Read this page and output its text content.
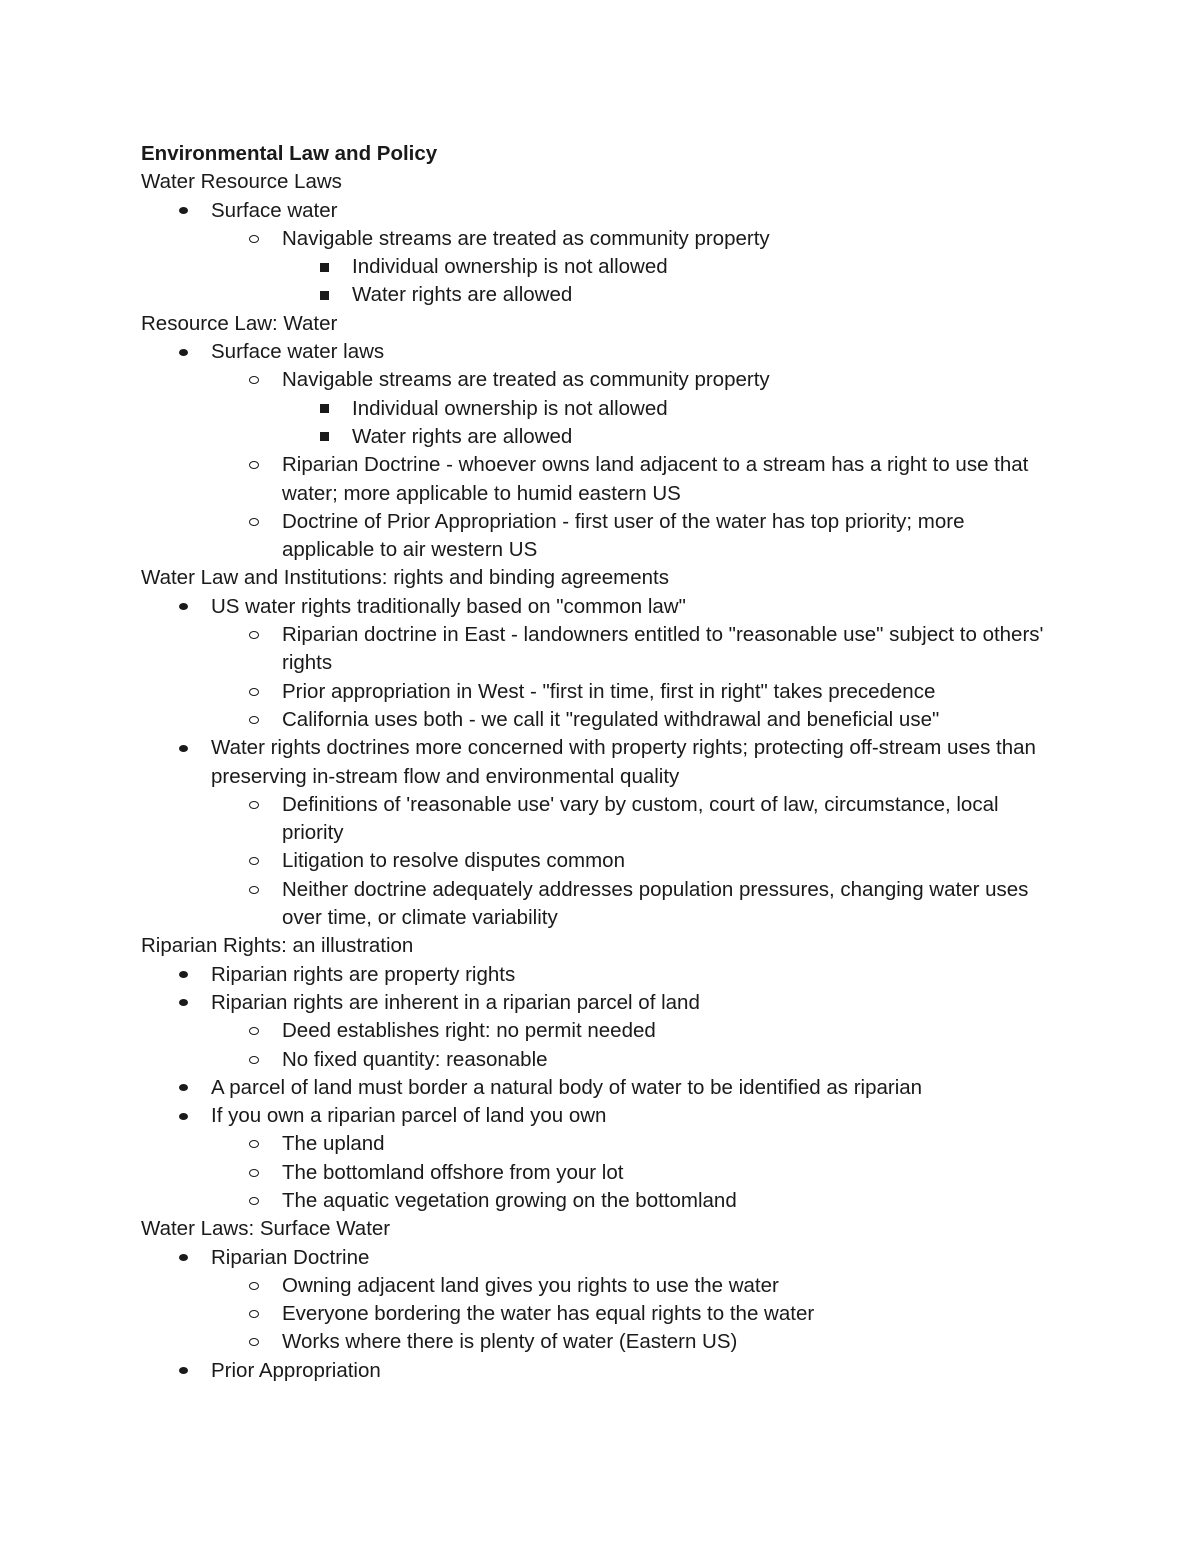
Environmental Law and Policy

Water Resource Laws

Surface water
Navigable streams are treated as community property
Individual ownership is not allowed
Water rights are allowed

Resource Law: Water

Surface water laws
Navigable streams are treated as community property
Individual ownership is not allowed
Water rights are allowed
Riparian Doctrine - whoever owns land adjacent to a stream has a right to use that water; more applicable to humid eastern US
Doctrine of Prior Appropriation - first user of the water has top priority; more applicable to air western US

Water Law and Institutions: rights and binding agreements

US water rights traditionally based on "common law"
Riparian doctrine in East - landowners entitled to "reasonable use" subject to others' rights
Prior appropriation in West - "first in time, first in right" takes precedence
California uses both - we call it "regulated withdrawal and beneficial use"
Water rights doctrines more concerned with property rights; protecting off-stream uses than preserving in-stream flow and environmental quality
Definitions of 'reasonable use' vary by custom, court of law, circumstance, local priority
Litigation to resolve disputes common
Neither doctrine adequately addresses population pressures, changing water uses over time, or climate variability

Riparian Rights: an illustration

Riparian rights are property rights
Riparian rights are inherent in a riparian parcel of land
Deed establishes right: no permit needed
No fixed quantity: reasonable
A parcel of land must border a natural body of water to be identified as riparian
If you own a riparian parcel of land you own
The upland
The bottomland offshore from your lot
The aquatic vegetation growing on the bottomland

Water Laws: Surface Water

Riparian Doctrine
Owning adjacent land gives you rights to use the water
Everyone bordering the water has equal rights to the water
Works where there is plenty of water (Eastern US)
Prior Appropriation
